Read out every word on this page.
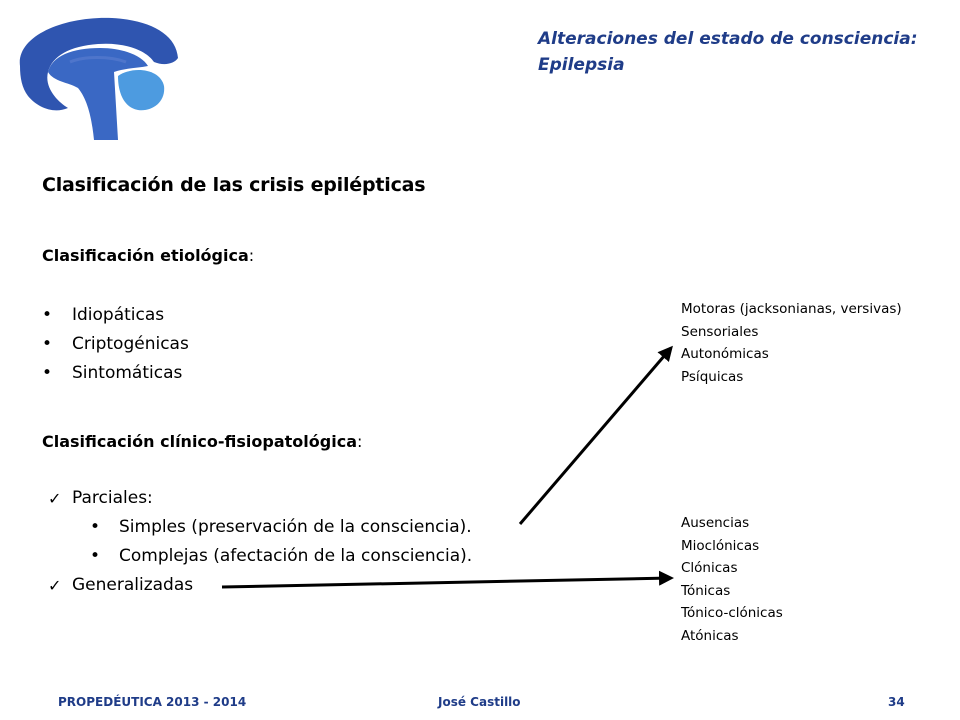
Alteraciones del estado de consciencia:
Epilepsia
Clasificación de las crisis epilépticas
Clasificación etiológica:
• Idiopáticas
• Criptogénicas
• Sintomáticas
Clasificación clínico-fisiopatológica:
✓ Parciales:
• Simples (preservación de la consciencia).
• Complejas (afectación de la consciencia).
✓ Generalizadas
Motoras (jacksonianas, versivas)
Sensoriales
Autonómicas
Psíquicas
Ausencias
Mioclónicas
Clónicas
Tónicas
Tónico-clónicas
Atónicas
PROPEDÉUTICA 2013 - 2014	José Castillo	34
